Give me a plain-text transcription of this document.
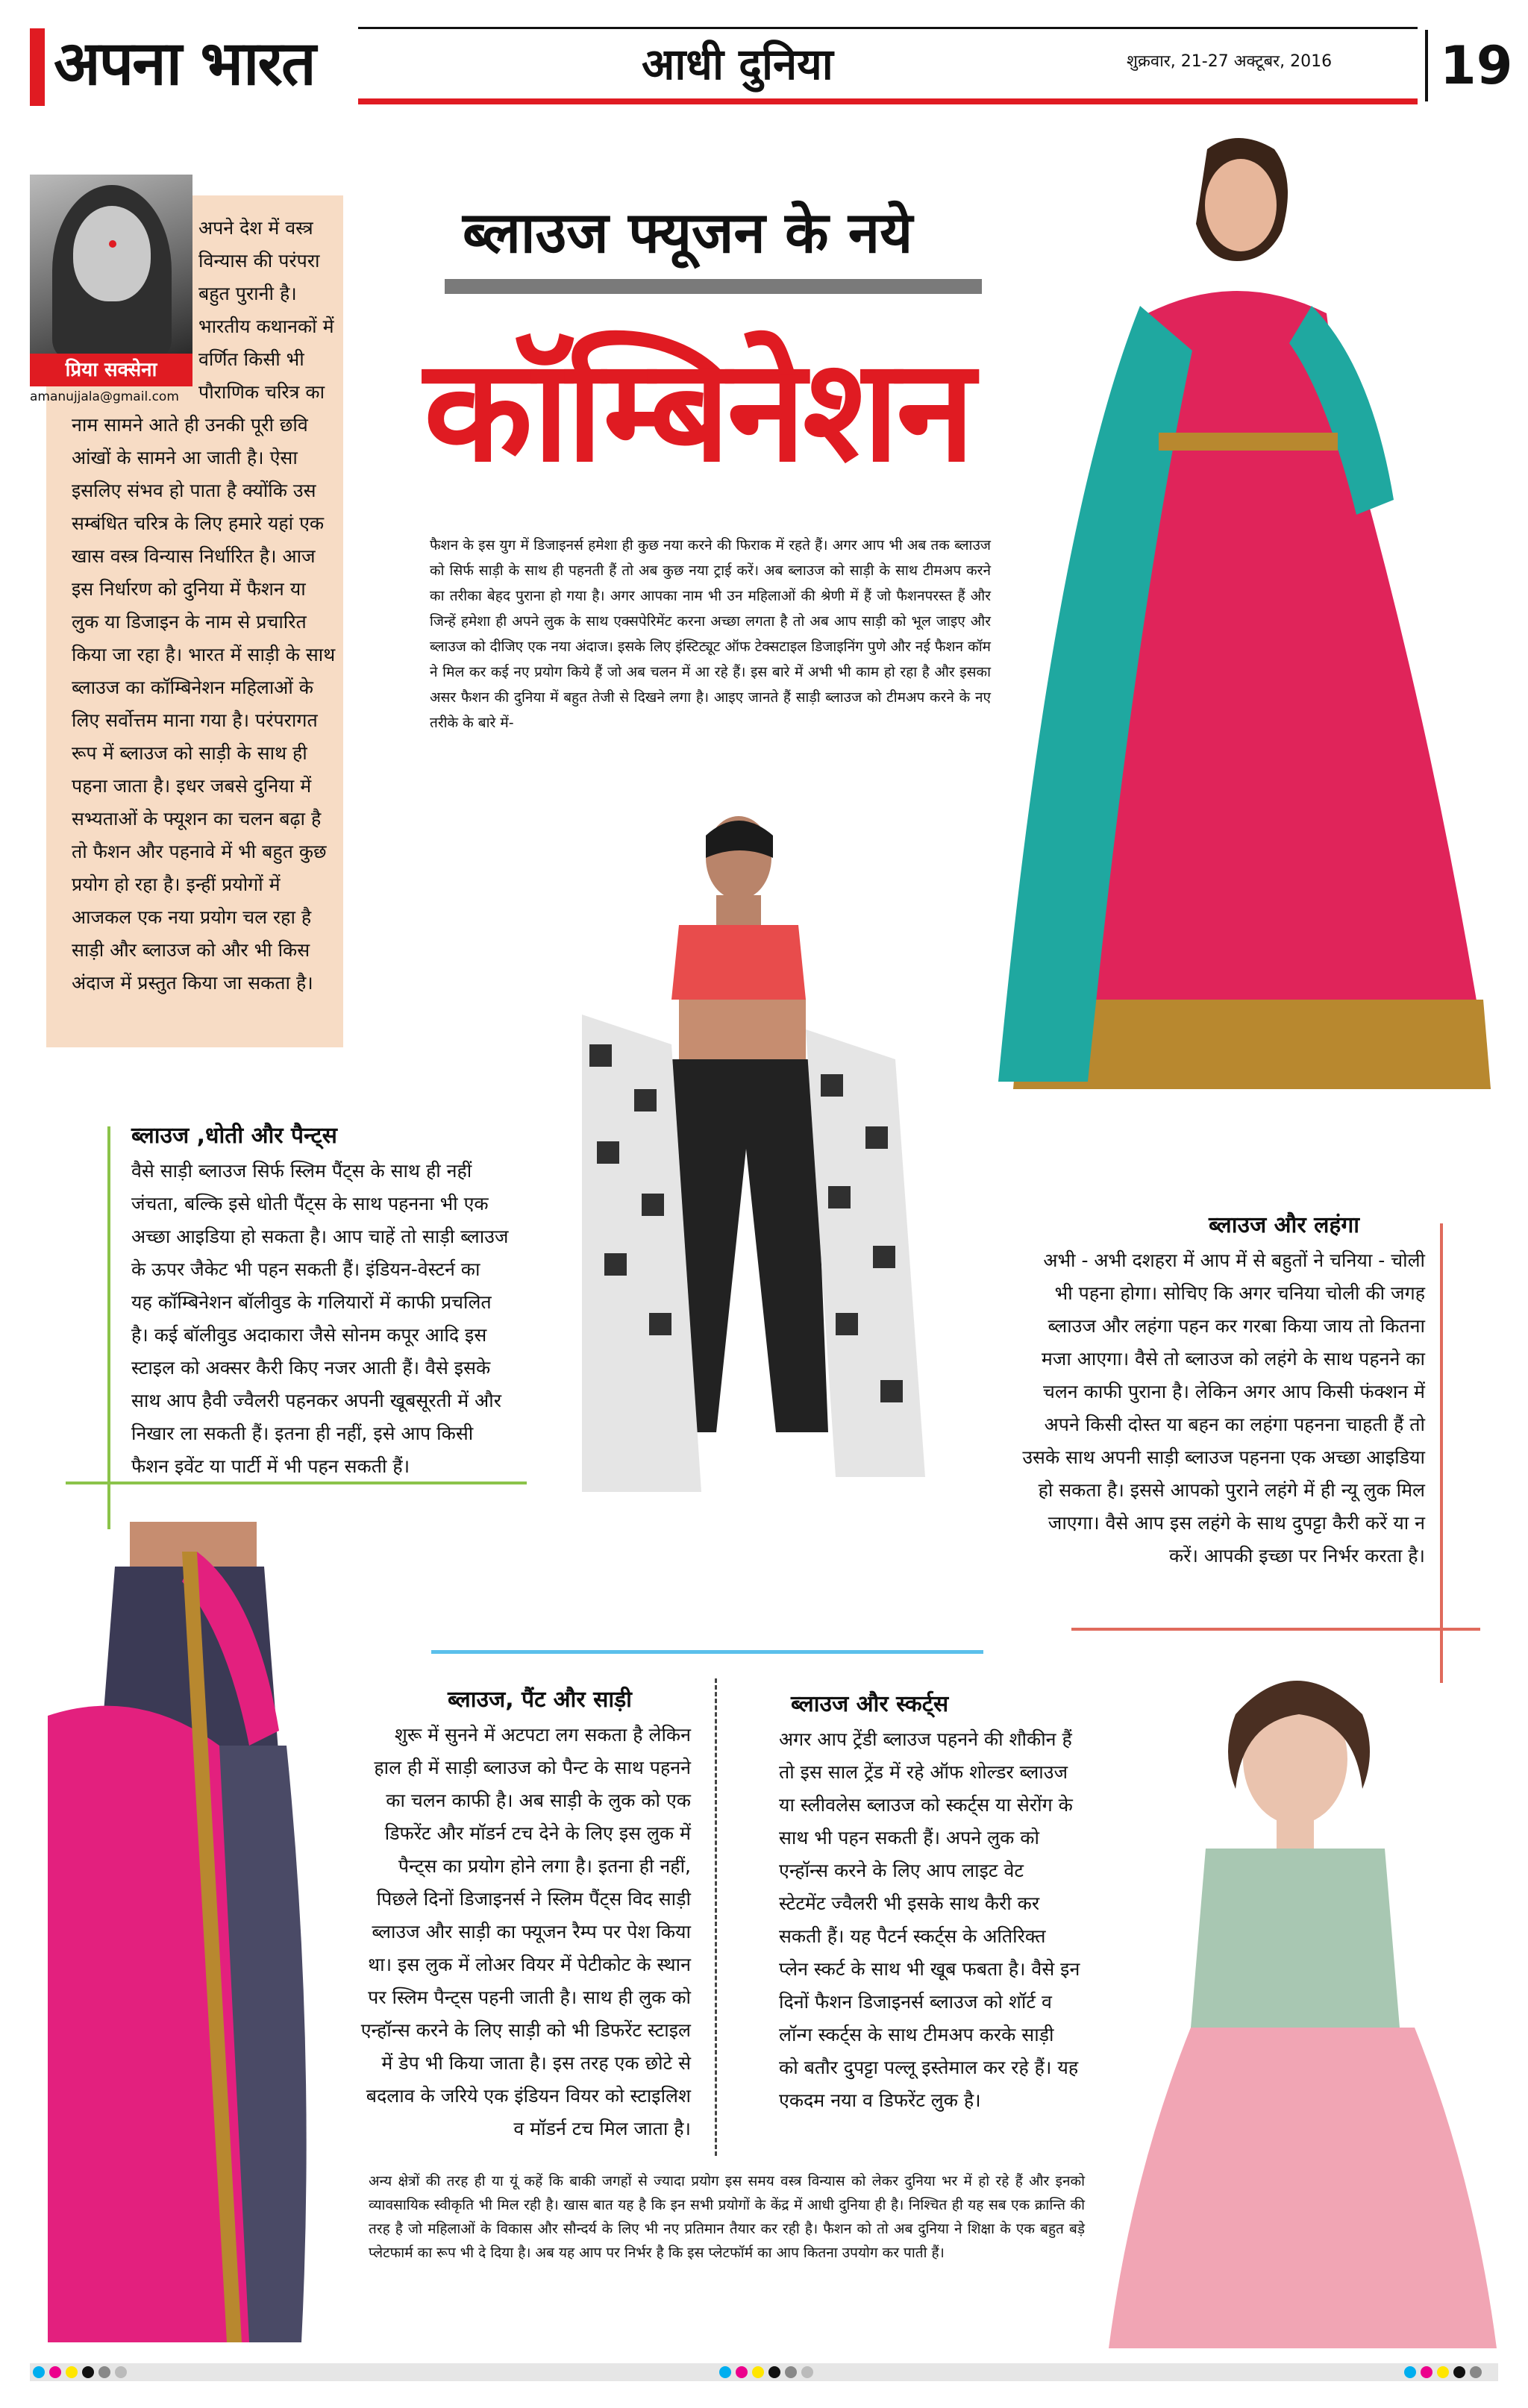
अपना भारत	आधी दुनिया	शुक्रवार, 21-27 अक्टूबर, 2016 19
प्रिया सक्सेना
amanujjala@gmail.com
अपने देश में वस्त्र
विन्यास की परंपरा
बहुत पुरानी है।
भारतीय कथानकों में
वर्णित किसी भी
पौराणिक चरित्र का
नाम सामने आते ही उनकी पूरी छवि
आंखों के सामने आ जाती है। ऐसा
इसलिए संभव हो पाता है क्योंकि उस
सम्बंधित चरित्र के लिए हमारे यहां एक
खास वस्त्र विन्यास निर्धारित है। आज
इस निर्धारण को दुनिया में फैशन या
लुक या डिजाइन के नाम से प्रचारित
किया जा रहा है। भारत में साड़ी के साथ
ब्लाउज का कॉम्बिनेशन महिलाओं के
लिए सर्वोत्तम माना गया है। परंपरागत
रूप में ब्लाउज को साड़ी के साथ ही
पहना जाता है। इधर जबसे दुनिया में
सभ्यताओं के फ्यूशन का चलन बढ़ा है
तो फैशन और पहनावे में भी बहुत कुछ
प्रयोग हो रहा है। इन्हीं प्रयोगों में
आजकल एक नया प्रयोग चल रहा है
साड़ी और ब्लाउज को और भी किस
अंदाज में प्रस्तुत किया जा सकता है।
ब्लाउज फ्यूजन के नये
कॉम्बिनेशन
फैशन के इस युग में डिजाइनर्स हमेशा ही कुछ नया करने की फिराक में रहते हैं। अगर आप भी अब तक ब्लाउज को सिर्फ साड़ी के साथ ही पहनती हैं तो अब कुछ नया ट्राई करें। अब ब्लाउज को साड़ी के साथ टीमअप करने का तरीका बेहद पुराना हो गया है। अगर आपका नाम भी उन महिलाओं की श्रेणी में हैं जो फैशनपरस्त हैं और जिन्हें हमेशा ही अपने लुक के साथ एक्सपेरिमेंट करना अच्छा लगता है तो अब आप साड़ी को भूल जाइए और ब्लाउज को दीजिए एक नया अंदाज। इसके लिए इंस्टिट्यूट ऑफ टेक्सटाइल डिजाइनिंग पुणे और नई फैशन कॉम ने मिल कर कई नए प्रयोग किये हैं जो अब चलन में आ रहे हैं। इस बारे में अभी भी काम हो रहा है और इसका असर फैशन की दुनिया में बहुत तेजी से दिखने लगा है। आइए जानते हैं साड़ी ब्लाउज को टीमअप करने के नए तरीके के बारे में-
ब्लाउज ,धोती और पैन्ट्स
वैसे साड़ी ब्लाउज सिर्फ स्लिम पैंट्स के साथ ही नहीं
जंचता, बल्कि इसे धोती पैंट्स के साथ पहनना भी एक
अच्छा आइडिया हो सकता है। आप चाहें तो साड़ी ब्लाउज
के ऊपर जैकेट भी पहन सकती हैं। इंडियन-वेस्टर्न का
यह कॉम्बिनेशन बॉलीवुड के गलियारों में काफी प्रचलित
है। कई बॉलीवुड अदाकारा जैसे सोनम कपूर आदि इस
स्टाइल को अक्सर कैरी किए नजर आती हैं। वैसे इसके
साथ आप हैवी ज्वैलरी पहनकर अपनी खूबसूरती में और
निखार ला सकती हैं। इतना ही नहीं, इसे आप किसी
फैशन इवेंट या पार्टी में भी पहन सकती हैं।
ब्लाउज और लहंगा
अभी - अभी दशहरा में आप में से बहुतों ने चनिया - चोली
भी पहना होगा। सोचिए कि अगर चनिया चोली की जगह
ब्लाउज और लहंगा पहन कर गरबा किया जाय तो कितना
मजा आएगा। वैसे तो ब्लाउज को लहंगे के साथ पहनने का
चलन काफी पुराना है। लेकिन अगर आप किसी फंक्शन में
अपने किसी दोस्त या बहन का लहंगा पहनना चाहती हैं तो
उसके साथ अपनी साड़ी ब्लाउज पहनना एक अच्छा आइडिया
हो सकता है। इससे आपको पुराने लहंगे में ही न्यू लुक मिल
जाएगा। वैसे आप इस लहंगे के साथ दुपट्टा कैरी करें या न
करें। आपकी इच्छा पर निर्भर करता है।
ब्लाउज, पैंट और साड़ी
शुरू में सुनने में अटपटा लग सकता है लेकिन
हाल ही में साड़ी ब्लाउज को पैन्ट के साथ पहनने
का चलन काफी है। अब साड़ी के लुक को एक
डिफरेंट और मॉडर्न टच देने के लिए इस लुक में
पैन्ट्स का प्रयोग होने लगा है। इतना ही नहीं,
पिछले दिनों डिजाइनर्स ने स्लिम पैंट्स विद साड़ी
ब्लाउज और साड़ी का फ्यूजन रैम्प पर पेश किया
था। इस लुक में लोअर वियर में पेटीकोट के स्थान
पर स्लिम पैन्ट्स पहनी जाती है। साथ ही लुक को
एन्हॉन्स करने के लिए साड़ी को भी डिफरेंट स्टाइल
में डेप भी किया जाता है। इस तरह एक छोटे से
बदलाव के जरिये एक इंडियन वियर को स्टाइलिश
व मॉडर्न टच मिल जाता है।
ब्लाउज और स्कर्ट्स
अगर आप ट्रेंडी ब्लाउज पहनने की शौकीन हैं
तो इस साल ट्रेंड में रहे ऑफ शोल्डर ब्लाउज
या स्लीवलेस ब्लाउज को स्कर्ट्स या सेरोंग के
साथ भी पहन सकती हैं। अपने लुक को
एन्हॉन्स करने के लिए आप लाइट वेट
स्टेटमेंट ज्वैलरी भी इसके साथ कैरी कर
सकती हैं। यह पैटर्न स्कर्ट्स के अतिरिक्त
प्लेन स्कर्ट के साथ भी खूब फबता है। वैसे इन
दिनों फैशन डिजाइनर्स ब्लाउज को शॉर्ट व
लॉन्ग स्कर्ट्स के साथ टीमअप करके साड़ी
को बतौर दुपट्टा पल्लू इस्तेमाल कर रहे हैं। यह
एकदम नया व डिफरेंट लुक है।
अन्य क्षेत्रों की तरह ही या यूं कहें कि बाकी जगहों से ज्यादा प्रयोग इस समय वस्त्र विन्यास को लेकर दुनिया भर में हो रहे हैं और इनको व्यावसायिक स्वीकृति भी मिल रही है। खास बात यह है कि इन सभी प्रयोगों के केंद्र में आधी दुनिया ही है। निश्चित ही यह सब एक क्रान्ति की तरह है जो महिलाओं के विकास और सौन्दर्य के लिए भी नए प्रतिमान तैयार कर रही है। फैशन को तो अब दुनिया ने शिक्षा के एक बहुत बड़े प्लेटफार्म का रूप भी दे दिया है। अब यह आप पर निर्भर है कि इस प्लेटफॉर्म का आप कितना उपयोग कर पाती हैं।
